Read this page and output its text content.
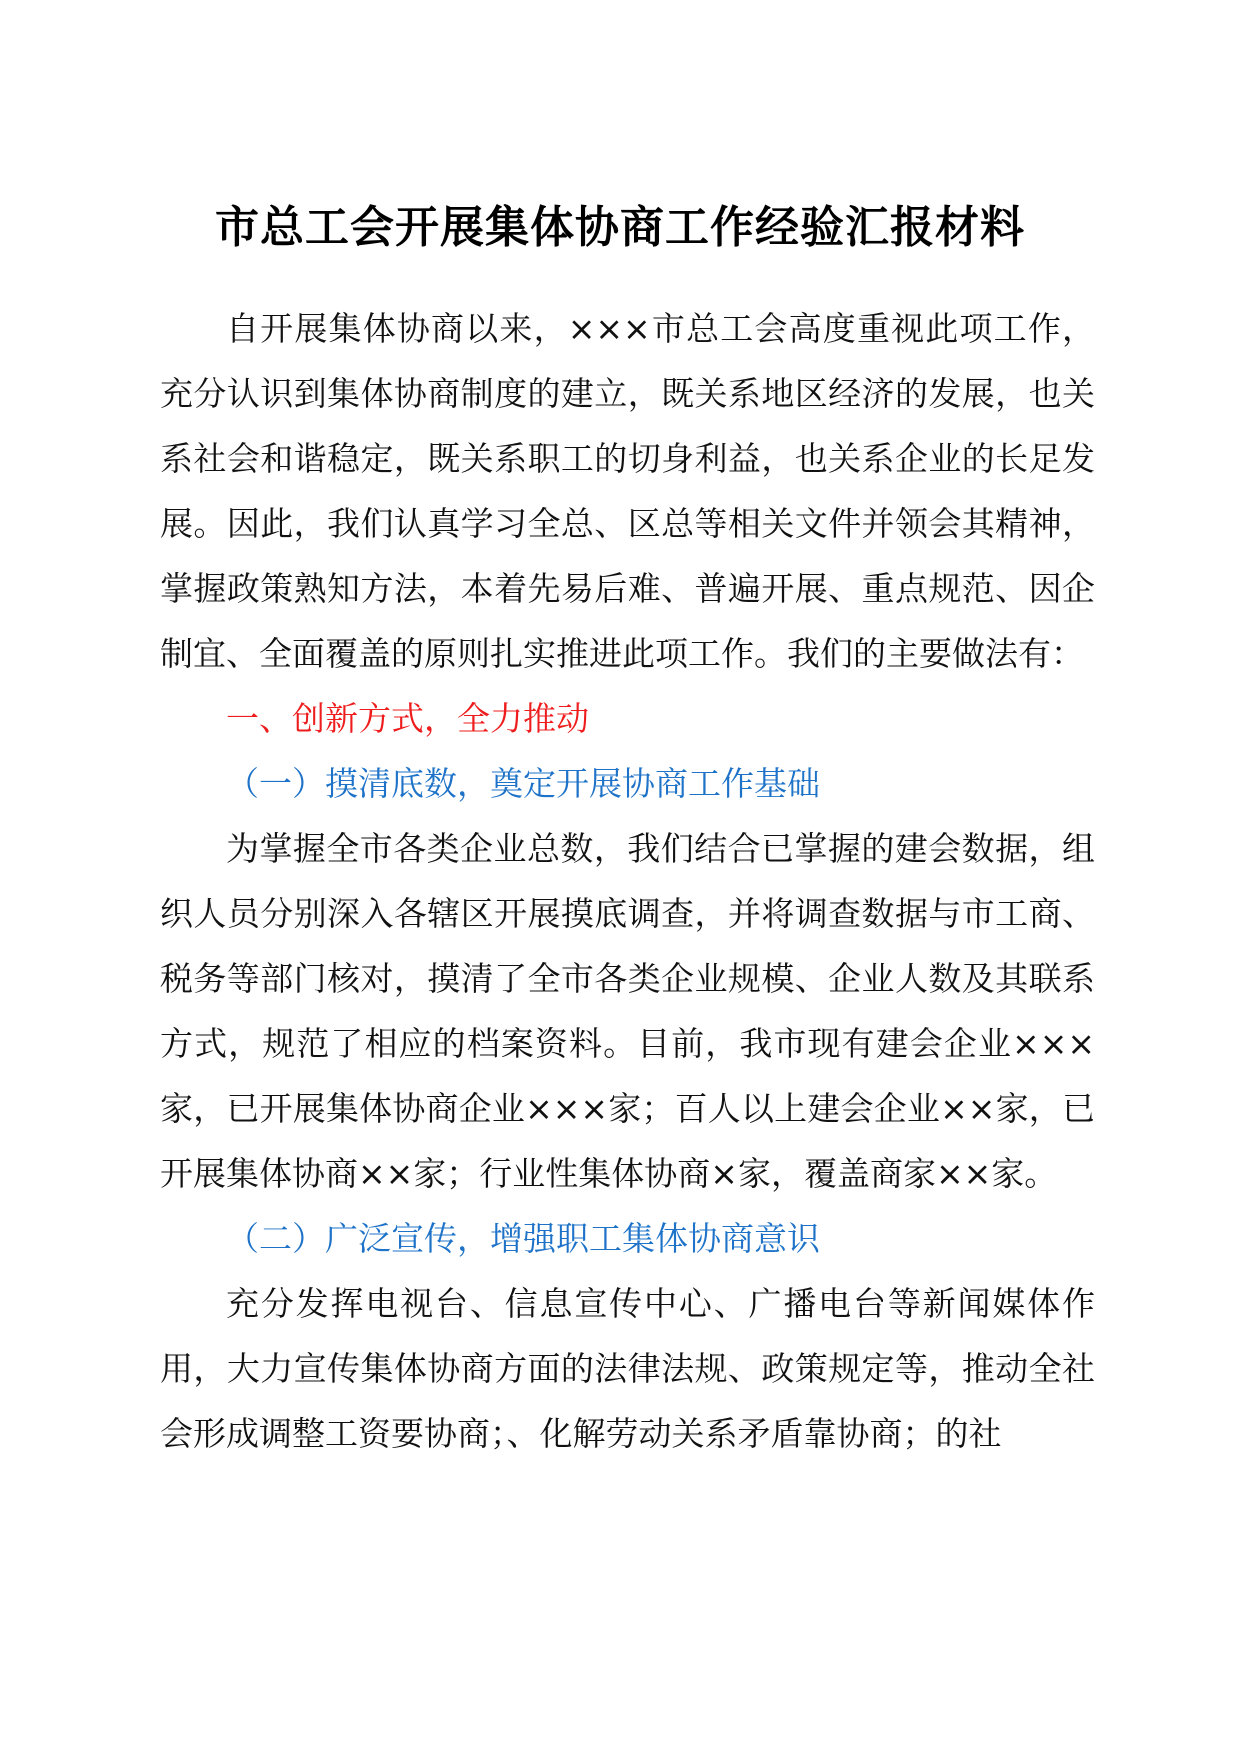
市总工会开展集体协商工作经验汇报材料

自开展集体协商以来，×××市总工会高度重视此项工作，充分认识到集体协商制度的建立，既关系地区经济的发展，也关系社会和谐稳定，既关系职工的切身利益，也关系企业的长足发展。因此，我们认真学习全总、区总等相关文件并领会其精神，掌握政策熟知方法，本着先易后难、普遍开展、重点规范、因企制宜、全面覆盖的原则扎实推进此项工作。我们的主要做法有：

一、创新方式，全力推动

（一）摸清底数，奠定开展协商工作基础

为掌握全市各类企业总数，我们结合已掌握的建会数据，组织人员分别深入各辖区开展摸底调查，并将调查数据与市工商、税务等部门核对，摸清了全市各类企业规模、企业人数及其联系方式，规范了相应的档案资料。目前，我市现有建会企业×××家，已开展集体协商企业×××家；百人以上建会企业××家，已开展集体协商××家；行业性集体协商×家，覆盖商家××家。

（二）广泛宣传，增强职工集体协商意识

充分发挥电视台、信息宣传中心、广播电台等新闻媒体作用，大力宣传集体协商方面的法律法规、政策规定等，推动全社会形成调整工资要协商；、化解劳动关系矛盾靠协商；的社
